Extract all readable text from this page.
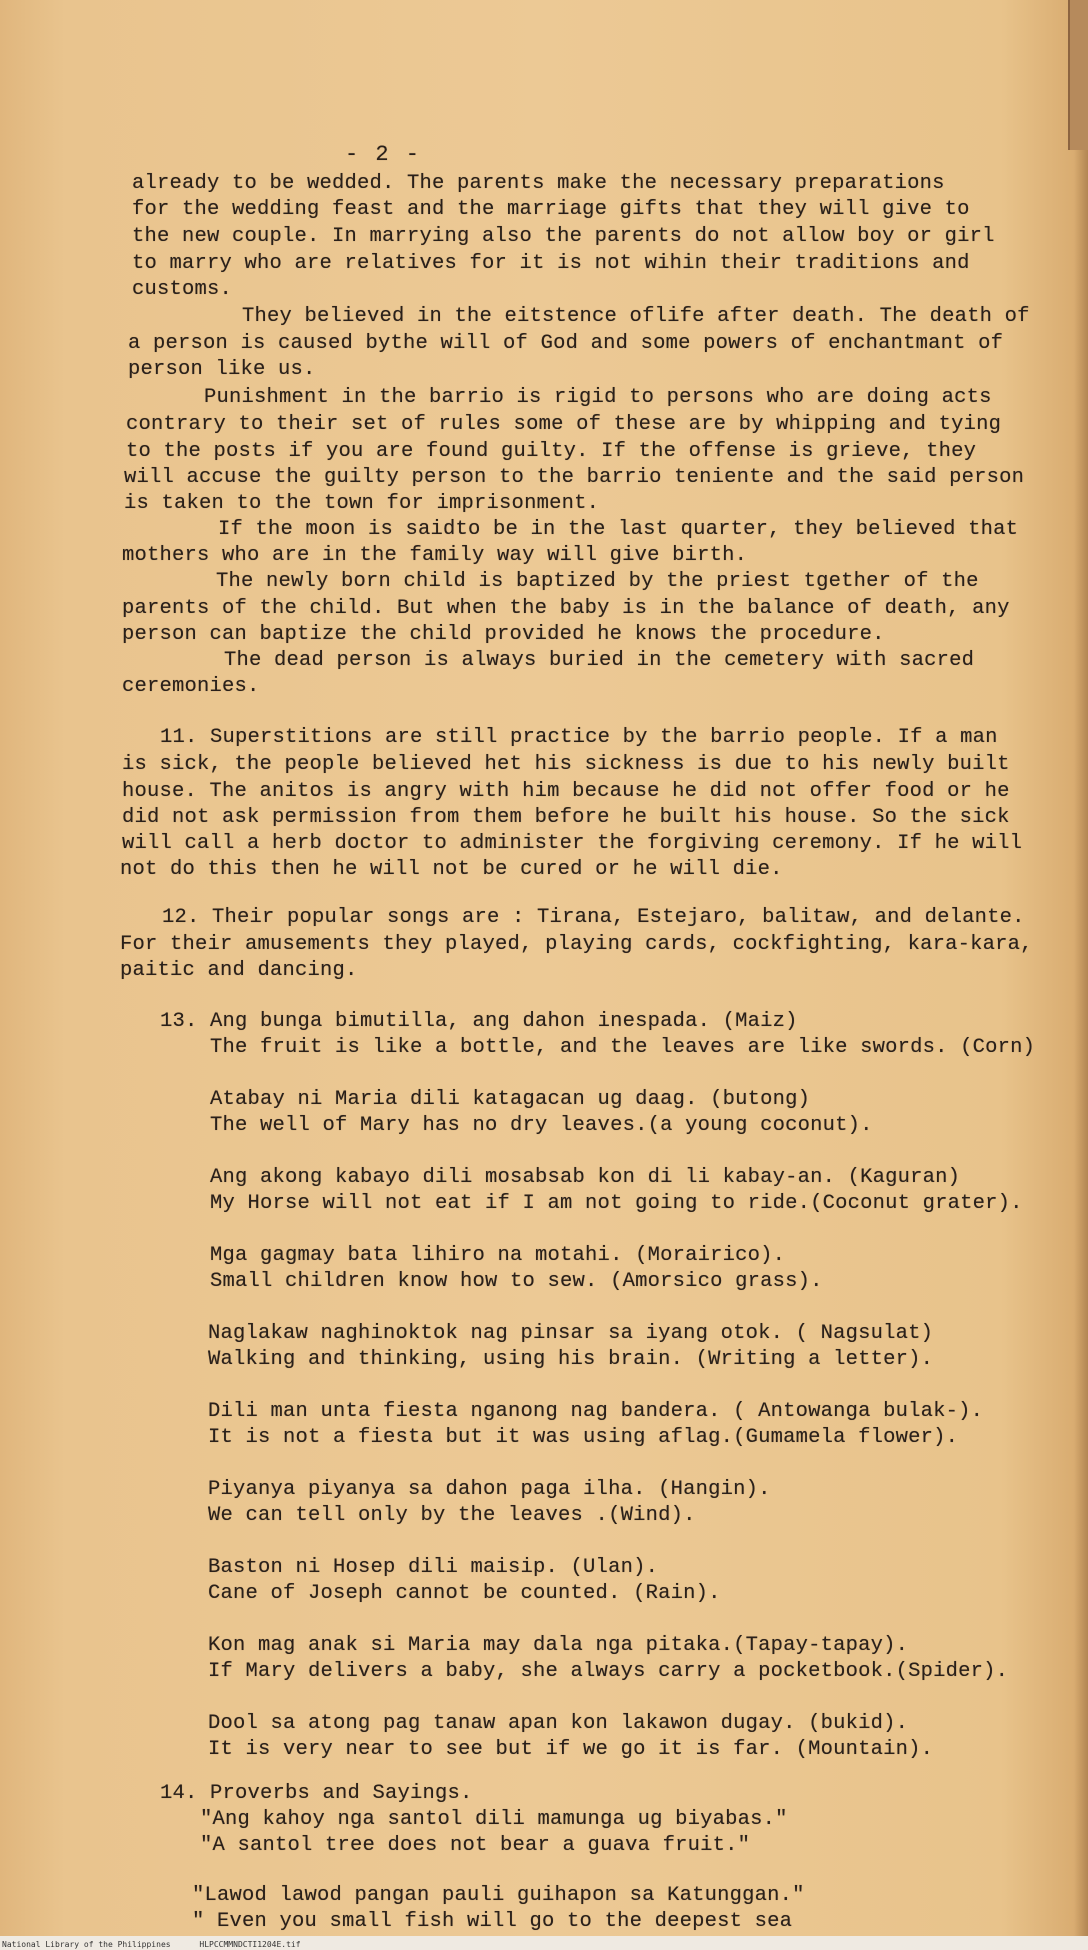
- 2 -
already to be wedded. The parents make the necessary preparations
for the wedding feast and the marriage gifts that they will give to
the new couple. In marrying also the parents do not allow boy or girl
to marry who are relatives for it is not wihin their traditions and
customs.
They believed in the eitstence oflife after death. The death of
a person is caused bythe will of God and some powers of enchantmant of
person like us.
Punishment in the barrio is rigid to persons who are doing acts
contrary to their set of rules some of these are by whipping and tying
to the posts if you are found guilty. If the offense is grieve, they
will accuse the guilty person to the barrio teniente and the said person
is taken to the town for imprisonment.
If the moon is saidto be in the last quarter, they believed that
mothers who are in the family way will give birth.
The newly born child is baptized by the priest tgether of the
parents of the child. But when the baby is in the balance of death, any
person can baptize the child provided he knows the procedure.
The dead person is always buried in the cemetery with sacred
ceremonies.
11. Superstitions are still practice by the barrio people. If a man
is sick, the people believed het his sickness is due to his newly built
house. The anitos is angry with him because he did not offer food or he
did not ask permission from them before he built his house. So the sick
will call a herb doctor to administer the forgiving ceremony. If he will
not do this then he will not be cured or he will die.
12. Their popular songs are : Tirana, Estejaro, balitaw, and delante.
For their amusements they played, playing cards, cockfighting, kara-kara,
paitic and dancing.
13. Ang bunga bimutilla, ang dahon inespada. (Maiz)
The fruit is like a bottle, and the leaves are like swords. (Corn)
Atabay ni Maria dili katagacan ug daag. (butong)
The well of Mary has no dry leaves.(a young coconut).
Ang akong kabayo dili mosabsab kon di li kabay-an. (Kaguran)
My Horse will not eat if I am not going to ride.(Coconut grater).
Mga gagmay bata lihiro na motahi. (Morairico).
Small children know how to sew. (Amorsico grass).
Naglakaw naghinoktok nag pinsar sa iyang otok. ( Nagsulat)
Walking and thinking, using his brain. (Writing a letter).
Dili man unta fiesta nganong nag bandera. ( Antowanga bulak-).
It is not a fiesta but it was using aflag.(Gumamela flower).
Piyanya piyanya sa dahon paga ilha. (Hangin).
We can tell only by the leaves .(Wind).
Baston ni Hosep dili maisip. (Ulan).
Cane of Joseph cannot be counted. (Rain).
Kon mag anak si Maria may dala nga pitaka.(Tapay-tapay).
If Mary delivers a baby, she always carry a pocketbook.(Spider).
Dool sa atong pag tanaw apan kon lakawon dugay. (bukid).
It is very near to see but if we go it is far. (Mountain).
14. Proverbs and Sayings.
"Ang kahoy nga santol dili mamunga ug biyabas."
"A santol tree does not bear a guava fruit."
"Lawod lawod pangan pauli guihapon sa Katunggan."
" Even you small fish will go to the deepest sea
National Library of the Philippines	HLPCCMMNDCTI1204E.tif
